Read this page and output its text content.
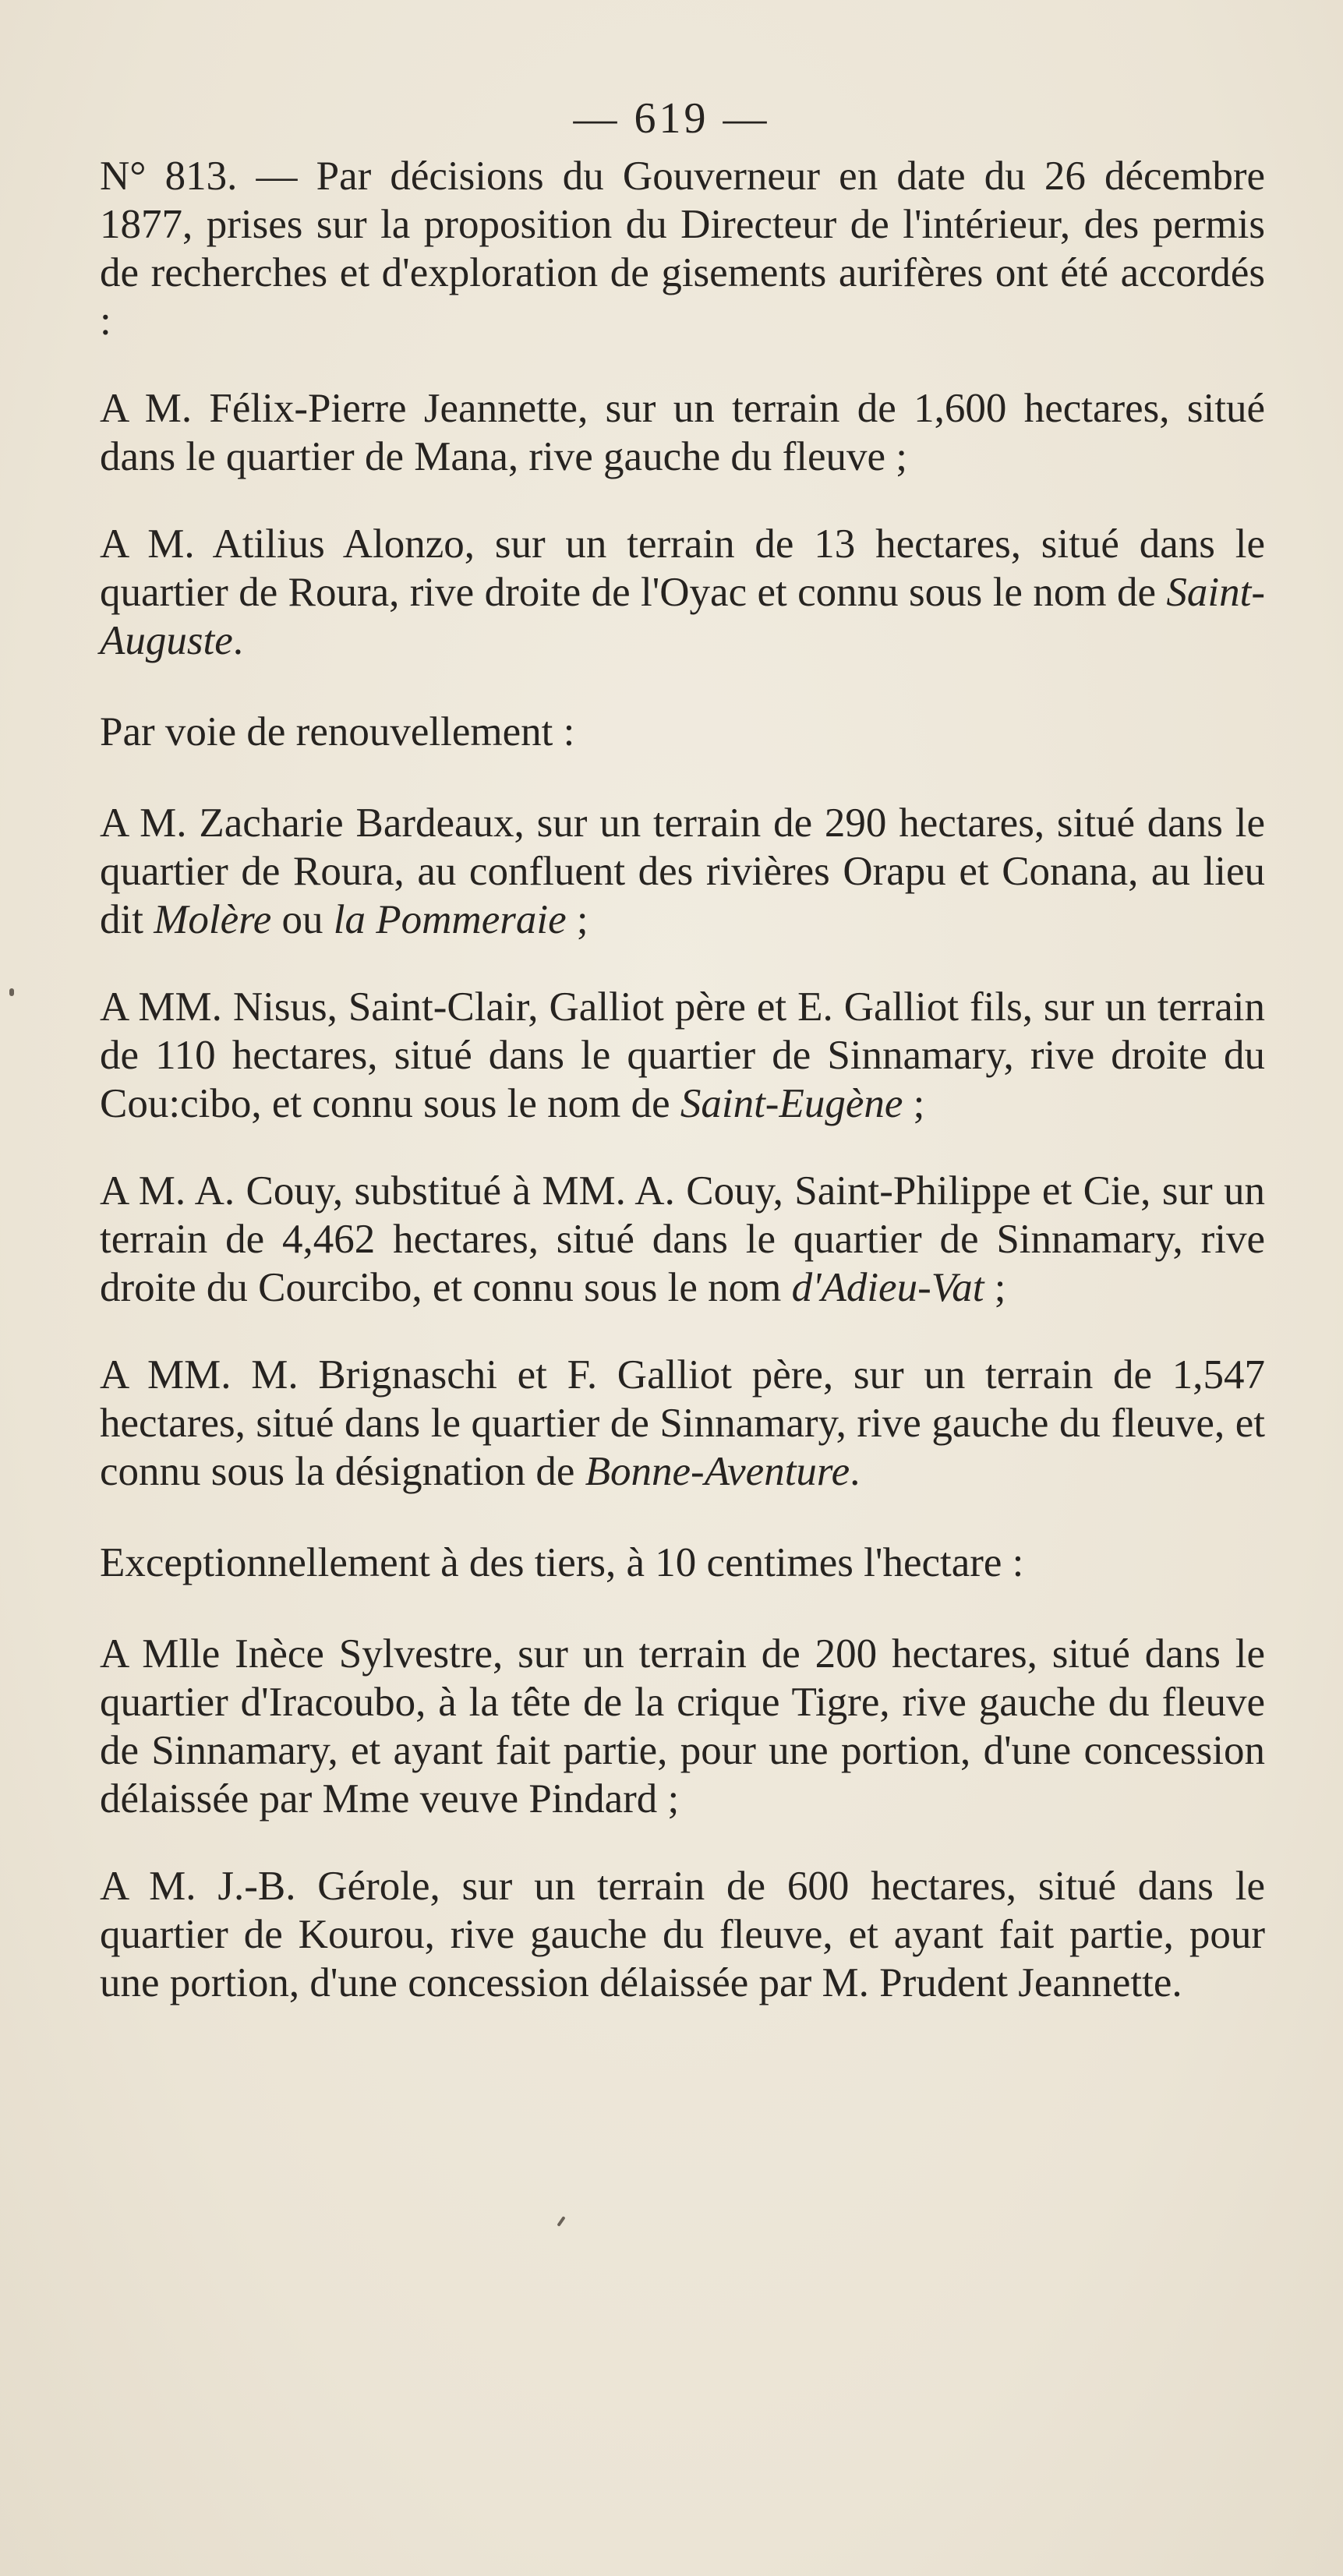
— 619 —

N° 813. — Par décisions du Gouverneur en date du 26 décembre 1877, prises sur la proposition du Directeur de l'intérieur, des permis de recherches et d'exploration de gisements aurifères ont été accordés :

A M. Félix-Pierre Jeannette, sur un terrain de 1,600 hectares, situé dans le quartier de Mana, rive gauche du fleuve ;

A M. Atilius Alonzo, sur un terrain de 13 hectares, situé dans le quartier de Roura, rive droite de l'Oyac et connu sous le nom de Saint-Auguste.

Par voie de renouvellement :

A M. Zacharie Bardeaux, sur un terrain de 290 hectares, situé dans le quartier de Roura, au confluent des rivières Orapu et Conana, au lieu dit Molère ou la Pommeraie ;

A MM. Nisus, Saint-Clair, Galliot père et E. Galliot fils, sur un terrain de 110 hectares, situé dans le quartier de Sinnamary, rive droite du Cou:cibo, et connu sous le nom de Saint-Eugène ;

A M. A. Couy, substitué à MM. A. Couy, Saint-Philippe et Cie, sur un terrain de 4,462 hectares, situé dans le quartier de Sinnamary, rive droite du Courcibo, et connu sous le nom d'Adieu-Vat ;

A MM. M. Brignaschi et F. Galliot père, sur un terrain de 1,547 hectares, situé dans le quartier de Sinnamary, rive gauche du fleuve, et connu sous la désignation de Bonne-Aventure.

Exceptionnellement à des tiers, à 10 centimes l'hectare :

A Mlle Inèce Sylvestre, sur un terrain de 200 hectares, situé dans le quartier d'Iracoubo, à la tête de la crique Tigre, rive gauche du fleuve de Sinnamary, et ayant fait partie, pour une portion, d'une concession délaissée par Mme veuve Pindard ;

A M. J.-B. Gérole, sur un terrain de 600 hectares, situé dans le quartier de Kourou, rive gauche du fleuve, et ayant fait partie, pour une portion, d'une concession délaissée par M. Prudent Jeannette.
